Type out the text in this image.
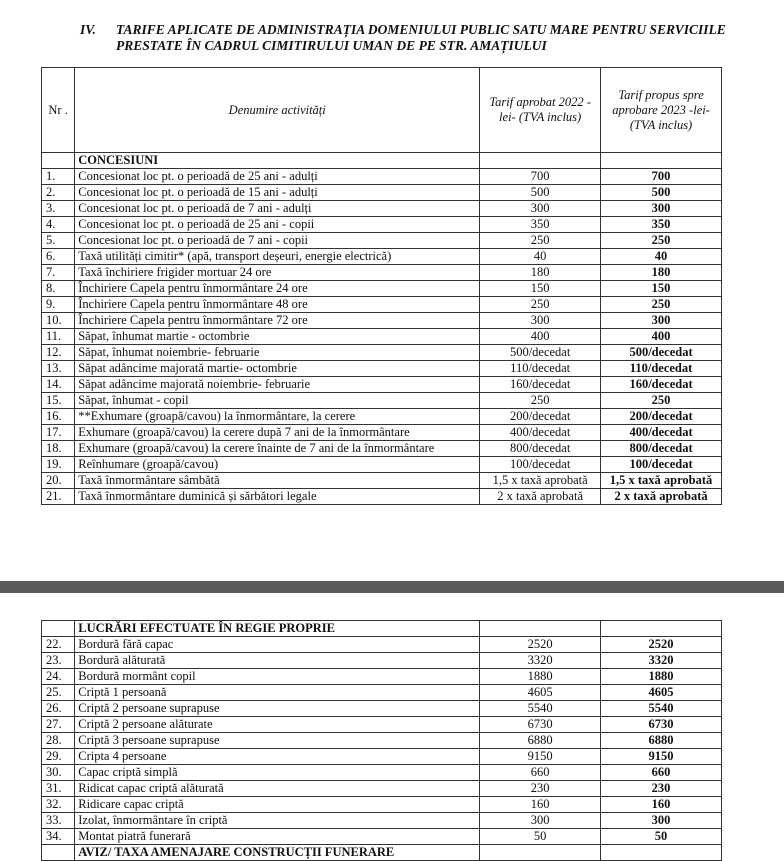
IV. TARIFE APLICATE DE ADMINISTRAȚIA DOMENIULUI PUBLIC SATU MARE PENTRU SERVICIILE
PRESTATE ÎN CADRUL CIMITIRULUI UMAN DE PE STR. AMAȚIULUI
Nr .	Denumire activități	Tarif aprobat 2022 -lei- (TVA inclus)	Tarif propus spre aprobare 2023 -lei- (TVA inclus)
	CONCESIUNI		
1.	Concesionat loc pt. o perioadă de 25 ani - adulți	700	700
2.	Concesionat loc pt. o perioadă de 15 ani - adulți	500	500
3.	Concesionat loc pt. o perioadă de 7 ani - adulți	300	300
4.	Concesionat loc pt. o perioadă de 25 ani - copii	350	350
5.	Concesionat loc pt. o perioadă de 7 ani - copii	250	250
6.	Taxă utilități cimitir* (apă, transport deșeuri, energie electrică)	40	40
7.	Taxă închiriere frigider mortuar 24 ore	180	180
8.	Închiriere Capela pentru înmormântare 24 ore	150	150
9.	Închiriere Capela pentru înmormântare 48 ore	250	250
10.	Închiriere Capela pentru înmormântare 72 ore	300	300
11.	Săpat, înhumat martie - octombrie	400	400
12.	Săpat, înhumat noiembrie- februarie	500/decedat	500/decedat
13.	Săpat adâncime majorată martie- octombrie	110/decedat	110/decedat
14.	Săpat adâncime majorată noiembrie- februarie	160/decedat	160/decedat
15.	Săpat, înhumat - copil	250	250
16.	**Exhumare (groapă/cavou) la înmormântare, la cerere	200/decedat	200/decedat
17.	Exhumare (groapă/cavou) la cerere după 7 ani de la înmormântare	400/decedat	400/decedat
18.	Exhumare (groapă/cavou) la cerere înainte de 7 ani de la înmormântare	800/decedat	800/decedat
19.	Reînhumare (groapă/cavou)	100/decedat	100/decedat
20.	Taxă înmormântare sâmbătă	1,5 x taxă aprobată	1,5 x taxă aprobată
21.	Taxă înmormântare duminică și sărbători legale	2 x taxă aprobată	2 x taxă aprobată
	LUCRĂRI EFECTUATE ÎN REGIE PROPRIE		
22.	Bordură fără capac	2520	2520
23.	Bordură alăturată	3320	3320
24.	Bordură mormânt copil	1880	1880
25.	Criptă 1 persoană	4605	4605
26.	Criptă 2 persoane suprapuse	5540	5540
27.	Criptă 2 persoane alăturate	6730	6730
28.	Criptă 3 persoane suprapuse	6880	6880
29.	Cripta 4 persoane	9150	9150
30.	Capac criptă simplă	660	660
31.	Ridicat capac criptă alăturată	230	230
32.	Ridicare capac criptă	160	160
33.	Izolat, înmormântare în criptă	300	300
34.	Montat piatră funerară	50	50
	AVIZ/ TAXA AMENAJARE CONSTRUCȚII FUNERARE		
